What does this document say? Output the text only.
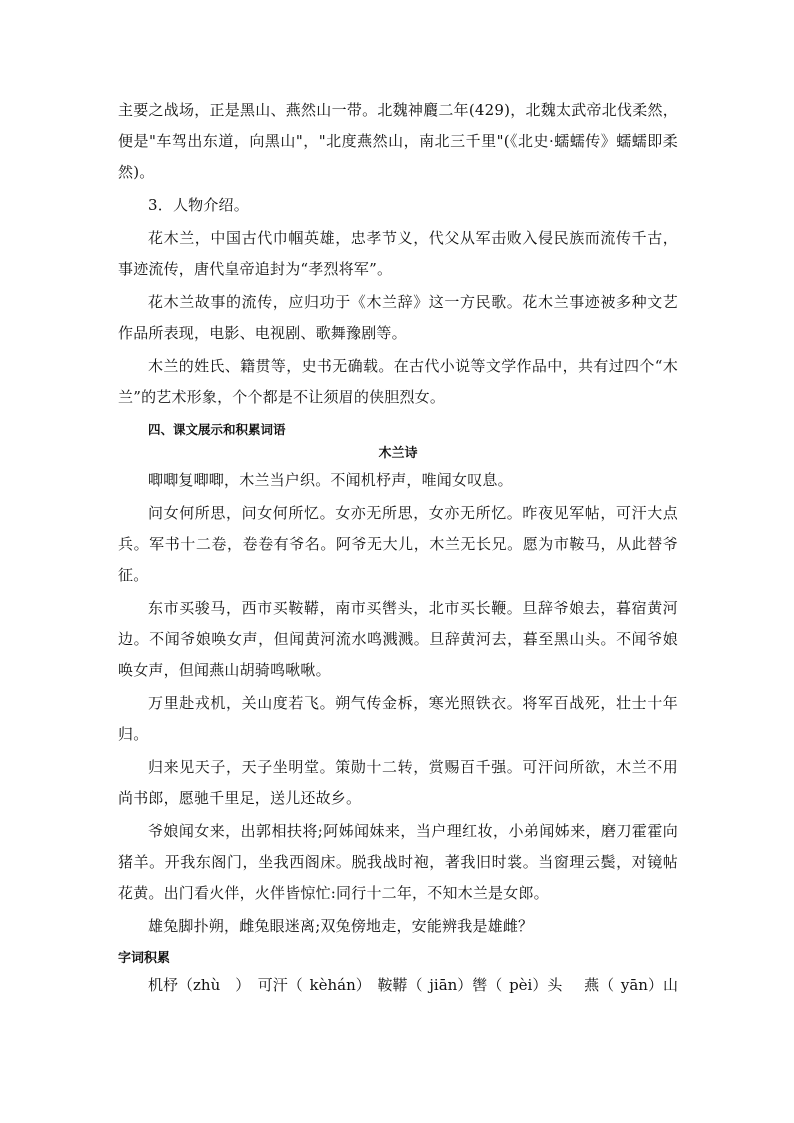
主要之战场，正是黑山、燕然山一带。北魏神麚二年(429)，北魏太武帝北伐柔然，便是"车驾出东道，向黑山"，"北度燕然山，南北三千里"(《北史·蠕蠕传》蠕蠕即柔然)。

3．人物介绍。

花木兰，中国古代巾帼英雄，忠孝节义，代父从军击败入侵民族而流传千古，事迹流传，唐代皇帝追封为“孝烈将军”。

花木兰故事的流传，应归功于《木兰辞》这一方民歌。花木兰事迹被多种文艺作品所表现，电影、电视剧、歌舞豫剧等。

木兰的姓氏、籍贯等，史书无确载。在古代小说等文学作品中，共有过四个“木兰”的艺术形象，个个都是不让须眉的侠胆烈女。

四、课文展示和积累词语
木兰诗

唧唧复唧唧，木兰当户织。不闻机杼声，唯闻女叹息。

问女何所思，问女何所忆。女亦无所思，女亦无所忆。昨夜见军帖，可汗大点兵。军书十二卷，卷卷有爷名。阿爷无大儿，木兰无长兄。愿为市鞍马，从此替爷征。

东市买骏马，西市买鞍鞯，南市买辔头，北市买长鞭。旦辞爷娘去，暮宿黄河边。不闻爷娘唤女声，但闻黄河流水鸣溅溅。旦辞黄河去，暮至黑山头。不闻爷娘唤女声，但闻燕山胡骑鸣啾啾。

万里赴戎机，关山度若飞。朔气传金柝，寒光照铁衣。将军百战死，壮士十年归。

归来见天子，天子坐明堂。策勋十二转，赏赐百千强。可汗问所欲，木兰不用尚书郎，愿驰千里足，送儿还故乡。

爷娘闻女来，出郭相扶将;阿姊闻妹来，当户理红妆，小弟闻姊来，磨刀霍霍向猪羊。开我东阁门，坐我西阁床。脱我战时袍，著我旧时裳。当窗理云鬓，对镜帖花黄。出门看火伴，火伴皆惊忙:同行十二年，不知木兰是女郎。

雄兔脚扑朔，雌兔眼迷离;双兔傍地走，安能辨我是雄雌？

字词积累

机杼（zhù　）　可汗（ kèhán） 鞍鞯（ jiān）辔（ pèi）头　 燕（ yān）山
